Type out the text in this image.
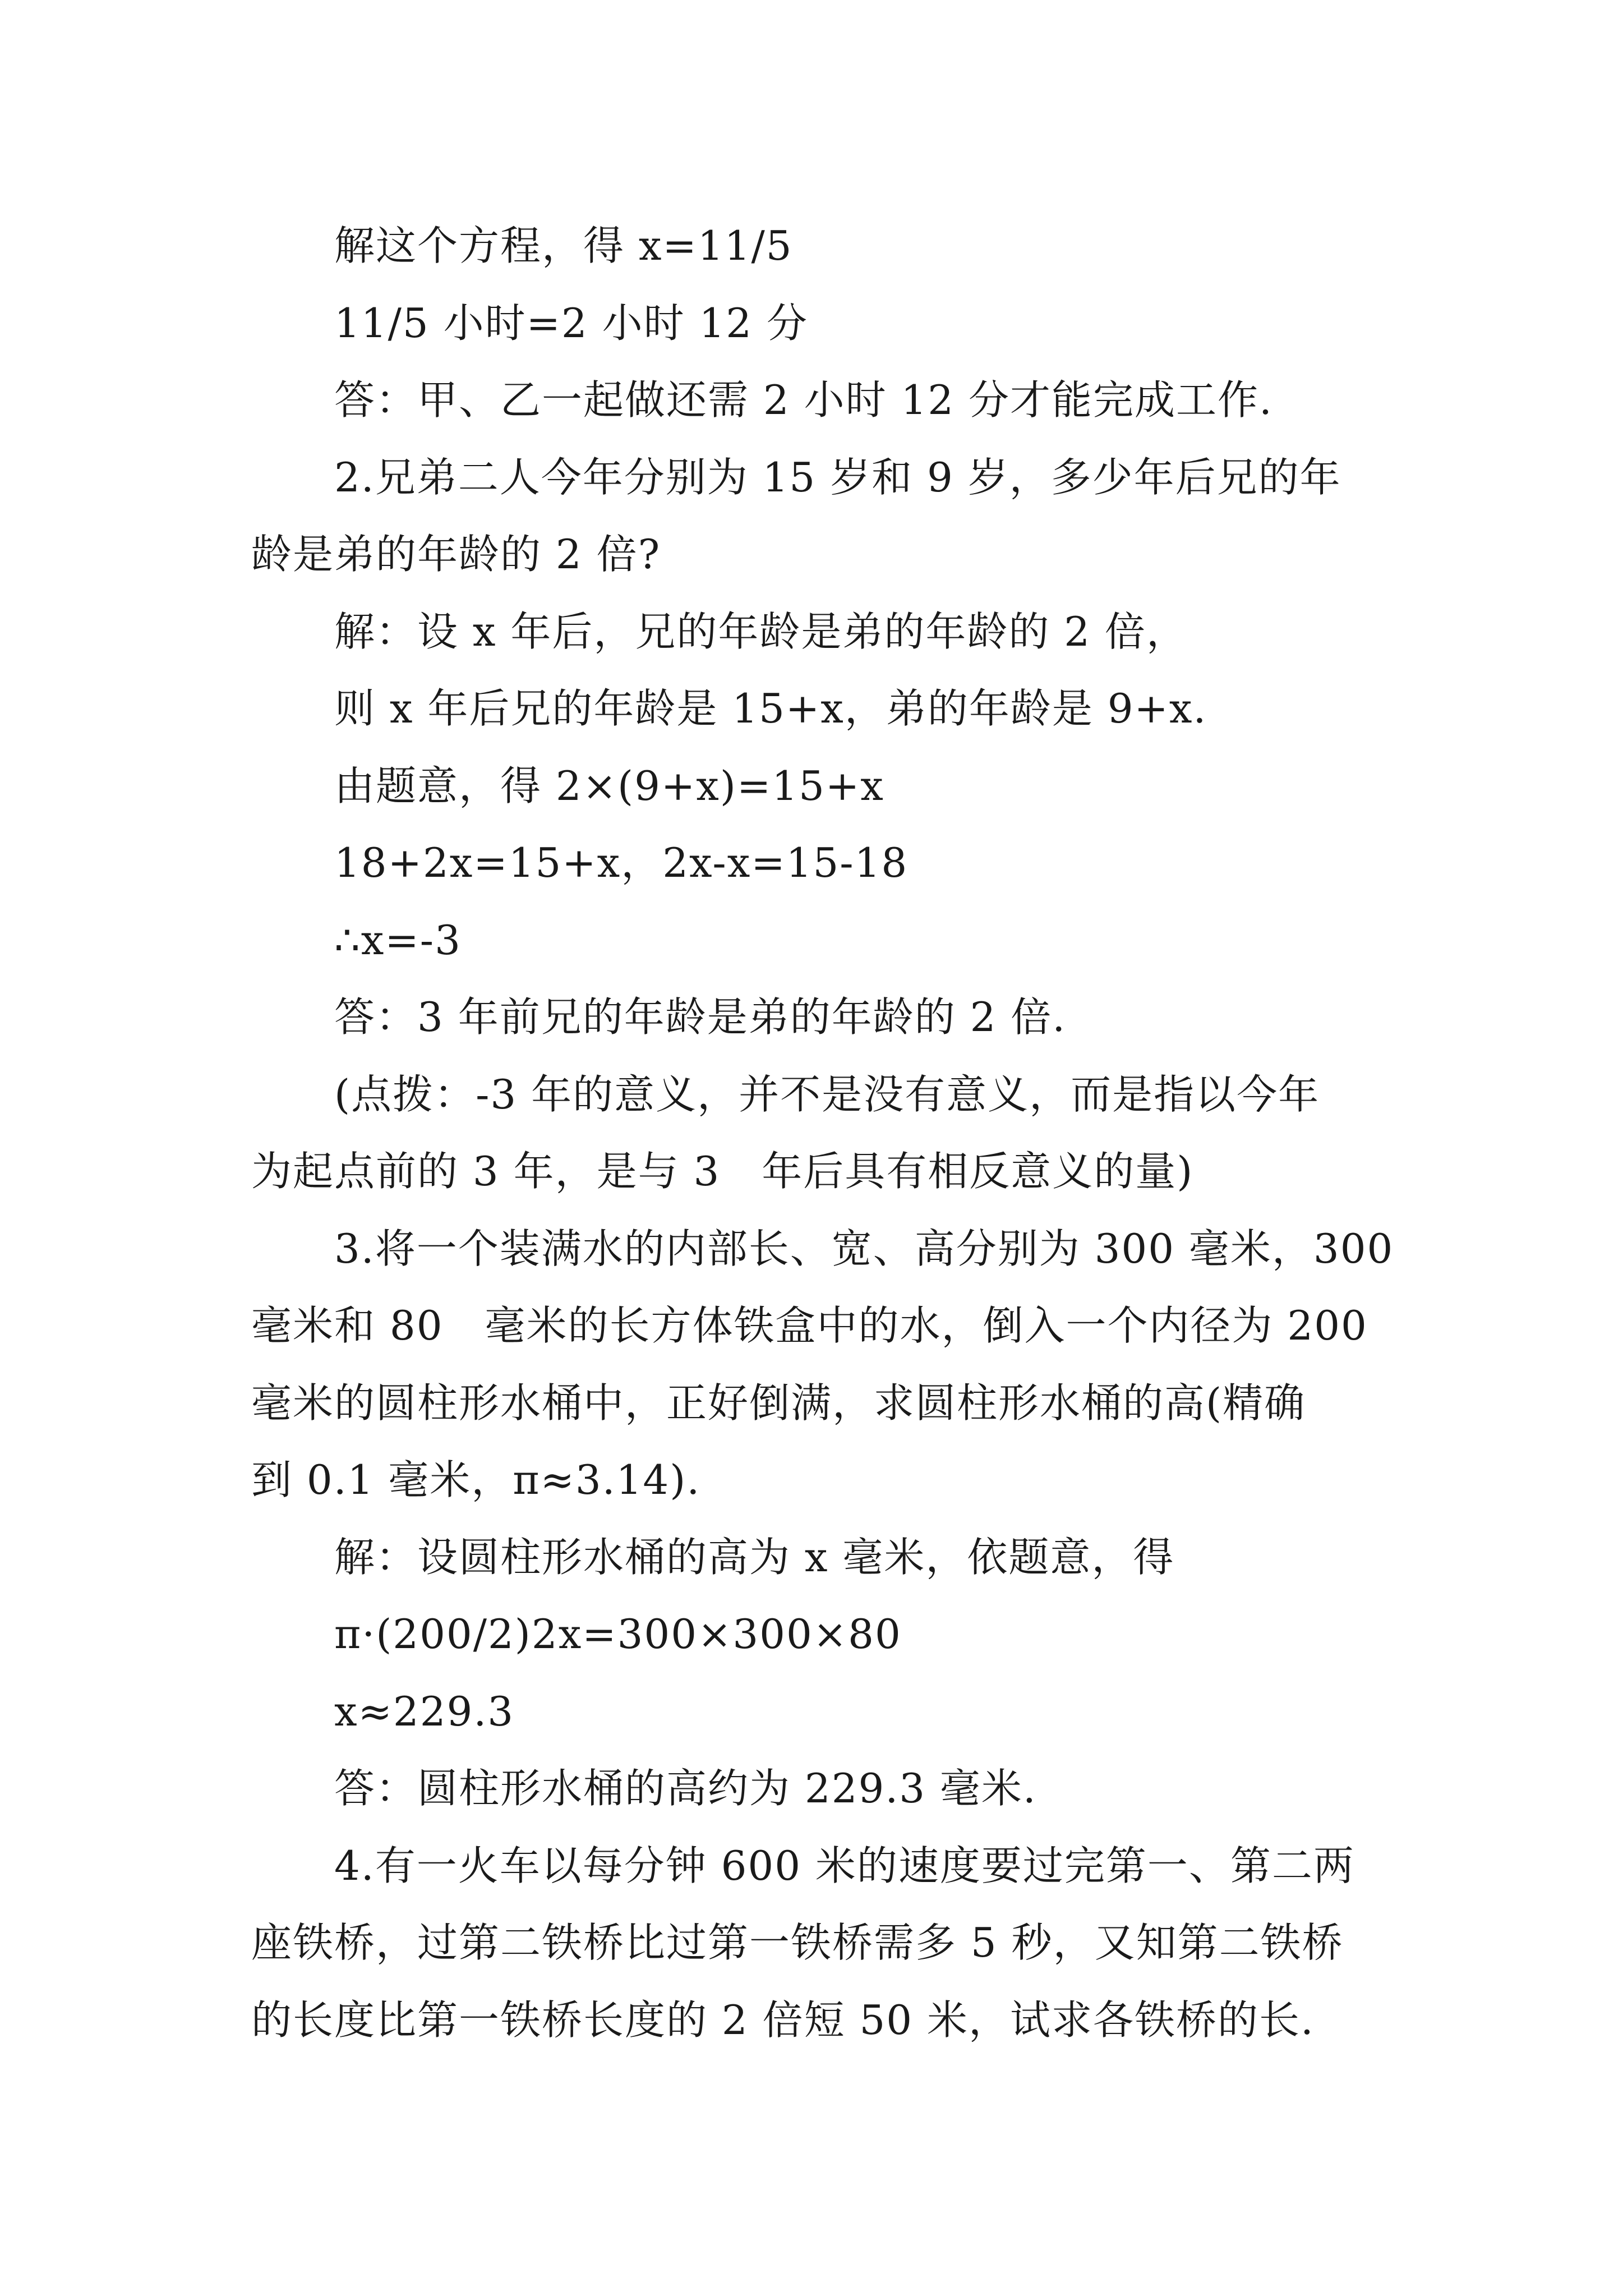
解这个方程，得 x=11/5
11/5 小时=2 小时 12 分
答：甲、乙一起做还需 2 小时 12 分才能完成工作.
2.兄弟二人今年分别为 15 岁和 9 岁，多少年后兄的年
龄是弟的年龄的 2 倍?
解：设 x 年后，兄的年龄是弟的年龄的 2 倍，
则 x 年后兄的年龄是 15+x，弟的年龄是 9+x.
由题意，得 2×(9+x)=15+x
18+2x=15+x，2x-x=15-18
∴x=-3
答：3 年前兄的年龄是弟的年龄的 2 倍.
(点拨：-3 年的意义，并不是没有意义，而是指以今年
为起点前的 3 年，是与 3　年后具有相反意义的量)
3.将一个装满水的内部长、宽、高分别为 300 毫米，300
毫米和 80　毫米的长方体铁盒中的水，倒入一个内径为 200
毫米的圆柱形水桶中，正好倒满，求圆柱形水桶的高(精确
到 0.1 毫米，π≈3.14).
解：设圆柱形水桶的高为 x 毫米，依题意，得
π·(200/2)2x=300×300×80
x≈229.3
答：圆柱形水桶的高约为 229.3 毫米.
4.有一火车以每分钟 600 米的速度要过完第一、第二两
座铁桥，过第二铁桥比过第一铁桥需多 5 秒，又知第二铁桥
的长度比第一铁桥长度的 2 倍短 50 米，试求各铁桥的长.
